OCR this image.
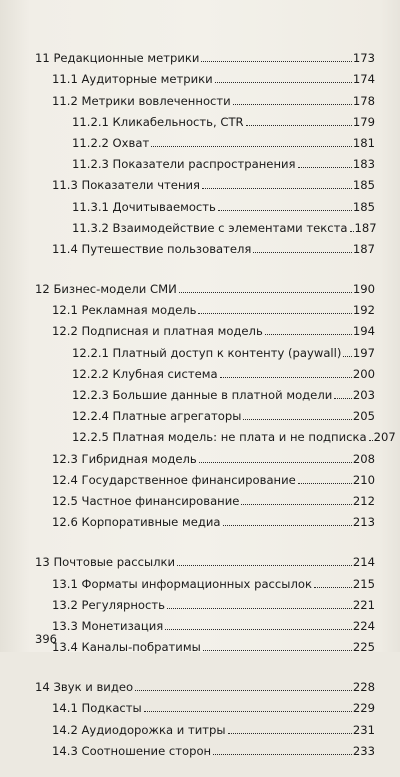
11 Редакционные метрики	173
11.1 Аудиторные метрики	174
11.2 Метрики вовлеченности	178
11.2.1 Кликабельность, CTR	179
11.2.2 Охват	181
11.2.3 Показатели распространения	183
11.3 Показатели чтения	185
11.3.1 Дочитываемость	185
11.3.2 Взаимодействие с элементами текста 187
11.4 Путешествие пользователя	187
12 Бизнес-модели СМИ	190
12.1 Рекламная модель	192
12.2 Подписная и платная модель	194
12.2.1 Платный доступ к контенту (paywall) 197
12.2.2 Клубная система	200
12.2.3 Большие данные в платной модели 203
12.2.4 Платные агрегаторы	205
12.2.5 Платная модель: не плата и не подписка 207
12.3 Гибридная модель	208
12.4 Государственное финансирование	210
12.5 Частное финансирование	212
12.6 Корпоративные медиа	213
13 Почтовые рассылки	214
13.1 Форматы информационных рассылок	215
13.2 Регулярность	221
13.3 Монетизация	224
13.4 Каналы-побратимы	225
14 Звук и видео	228
14.1 Подкасты	229
14.2 Аудиодорожка и титры	231
14.3 Соотношение сторон	233
396
